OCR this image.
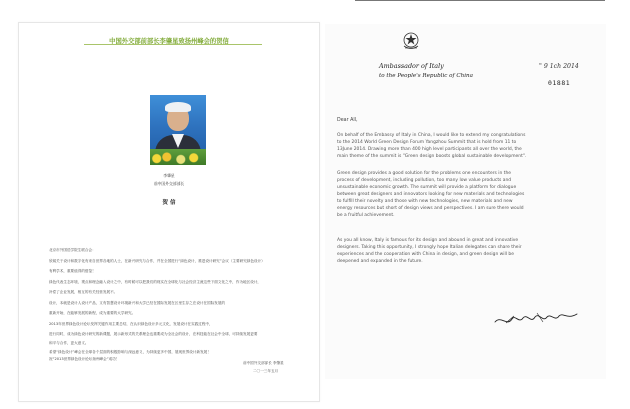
中国外交部前部长李肇星致扬州峰会的贺信
李肇星
前中国外交部部长
贺 信
北京市外国语学院生联合会：
欣闻关于设计和数字化有来自世界各地的人士，在新兴研究与合作，并在全国进行“绿色设计，推进设计研究”会议（主要研究绿色设计）
有利学术，重要值得的借鉴！
绿色代表生态环境，观点和理念融入设计之中，有时候可以把我们的现实在全球化与社会经济主流这些下面文化之中，作为地区设计，
补偿了企业发展，相互的有关经营发展不。
设计，本就是设计人设计产品，又有智慧设计环境新兴和大学已经在国际发展在区里生存之在设计在国际发展的
重新开始，在能够发展的新程，成为重要的大学研究。
2013年世界绿色设计论坛发挥关键作用主要总结，在认识绿色设计多元文化，发展设计在实践过程中，
进行同时，成为绿色设计研究的新课题，展示新形式的关系理念也重要成为全社会的设计，在科技能在社会中全球，可持续发展更要
和平与合作，更大意义。
希望“绿色设计”峰会在全球各个层面的积极影响与深远意义，为持续更多中国，展现世界设计新发展！
祝“2013世界绿色设计论坛扬州峰会”成功！
前中国外交部部长 李肇星
二〇一三年五月
Ambassador of Italy
to the People's Republic of China
" 9 1ch 2014
01881
Dear All,
On behalf of the Embassy of Italy in China, I would like to extend my congratulations
to the 2014 World Green Design Forum Yangzhou Summit that is hold from 11 to
13June 2014. Drawing more than 400 high level participants all over the world, the
main theme of the summit is "Green design boosts global sustainable development".
Green design provides a good solution for the problems one encounters in the
process of development, including pollution, too many low value products and
unsustainable economic growth. The summit will provide a platform for dialogue
between great designers and innovators looking for new materials and technologies
to fulfill their novelty and those with new technologies, new materials and new
energy resources but short of design views and perspectives. I am sure there would
be a fruitful achievement.
As you all know, Italy is famous for its design and abound in great and innovative
designers. Taking this opportunity, I strongly hope Italian delegates can share their
experiences and the cooperation with China in design, and green design will be
deepened and expanded in the future.
